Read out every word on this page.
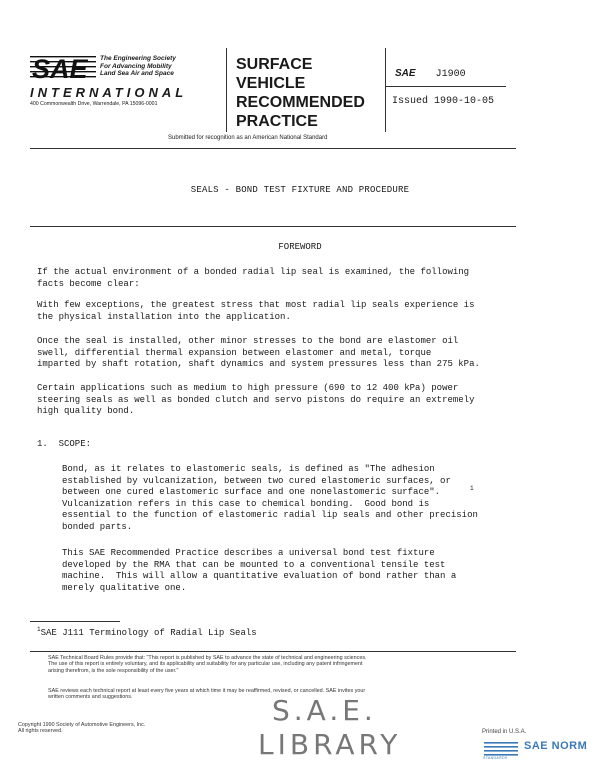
SAE The Engineering Society
For Advancing Mobility
Land Sea Air and Space
INTERNATIONAL
400 Commonwealth Drive, Warrendale, PA 15096-0001
SURFACE
VEHICLE
RECOMMENDED
PRACTICE
SAE J1900
Issued 1990-10-05
Submitted for recognition as an American National Standard
SEALS - BOND TEST FIXTURE AND PROCEDURE
FOREWORD
If the actual environment of a bonded radial lip seal is examined, the following
facts become clear:
With few exceptions, the greatest stress that most radial lip seals experience is
the physical installation into the application.
Once the seal is installed, other minor stresses to the bond are elastomer oil
swell, differential thermal expansion between elastomer and metal, torque
imparted by shaft rotation, shaft dynamics and system pressures less than 275 kPa.
Certain applications such as medium to high pressure (690 to 12 400 kPa) power
steering seals as well as bonded clutch and servo pistons do require an extremely
high quality bond.
1.  SCOPE:
Bond, as it relates to elastomeric seals, is defined as "The adhesion
established by vulcanization, between two cured elastomeric surfaces, or
between one cured elastomeric surface and one nonelastomeric surface".
Vulcanization refers in this case to chemical bonding.  Good bond is
essential to the function of elastomeric radial lip seals and other precision
bonded parts.
1
This SAE Recommended Practice describes a universal bond test fixture
developed by the RMA that can be mounted to a conventional tensile test
machine.  This will allow a quantitative evaluation of bond rather than a
merely qualitative one.
$^1$SAE J111 Terminology of Radial Lip Seals
SAE Technical Board Rules provide that: "This report is published by SAE to advance the state of technical and engineering sciences.
The use of this report is entirely voluntary, and its applicability and suitability for any particular use, including any patent infringement
arising therefrom, is the sole responsibility of the user."
SAE reviews each technical report at least every five years at which time it may be reaffirmed, revised, or cancelled. SAE invites your
written comments and suggestions.
Copyright 1990 Society of Automotive Engineers, Inc.
All rights reserved.
S.A.E.
LIBRARY	Printed in U.S.A.
SAE NORM
STANDARDS
